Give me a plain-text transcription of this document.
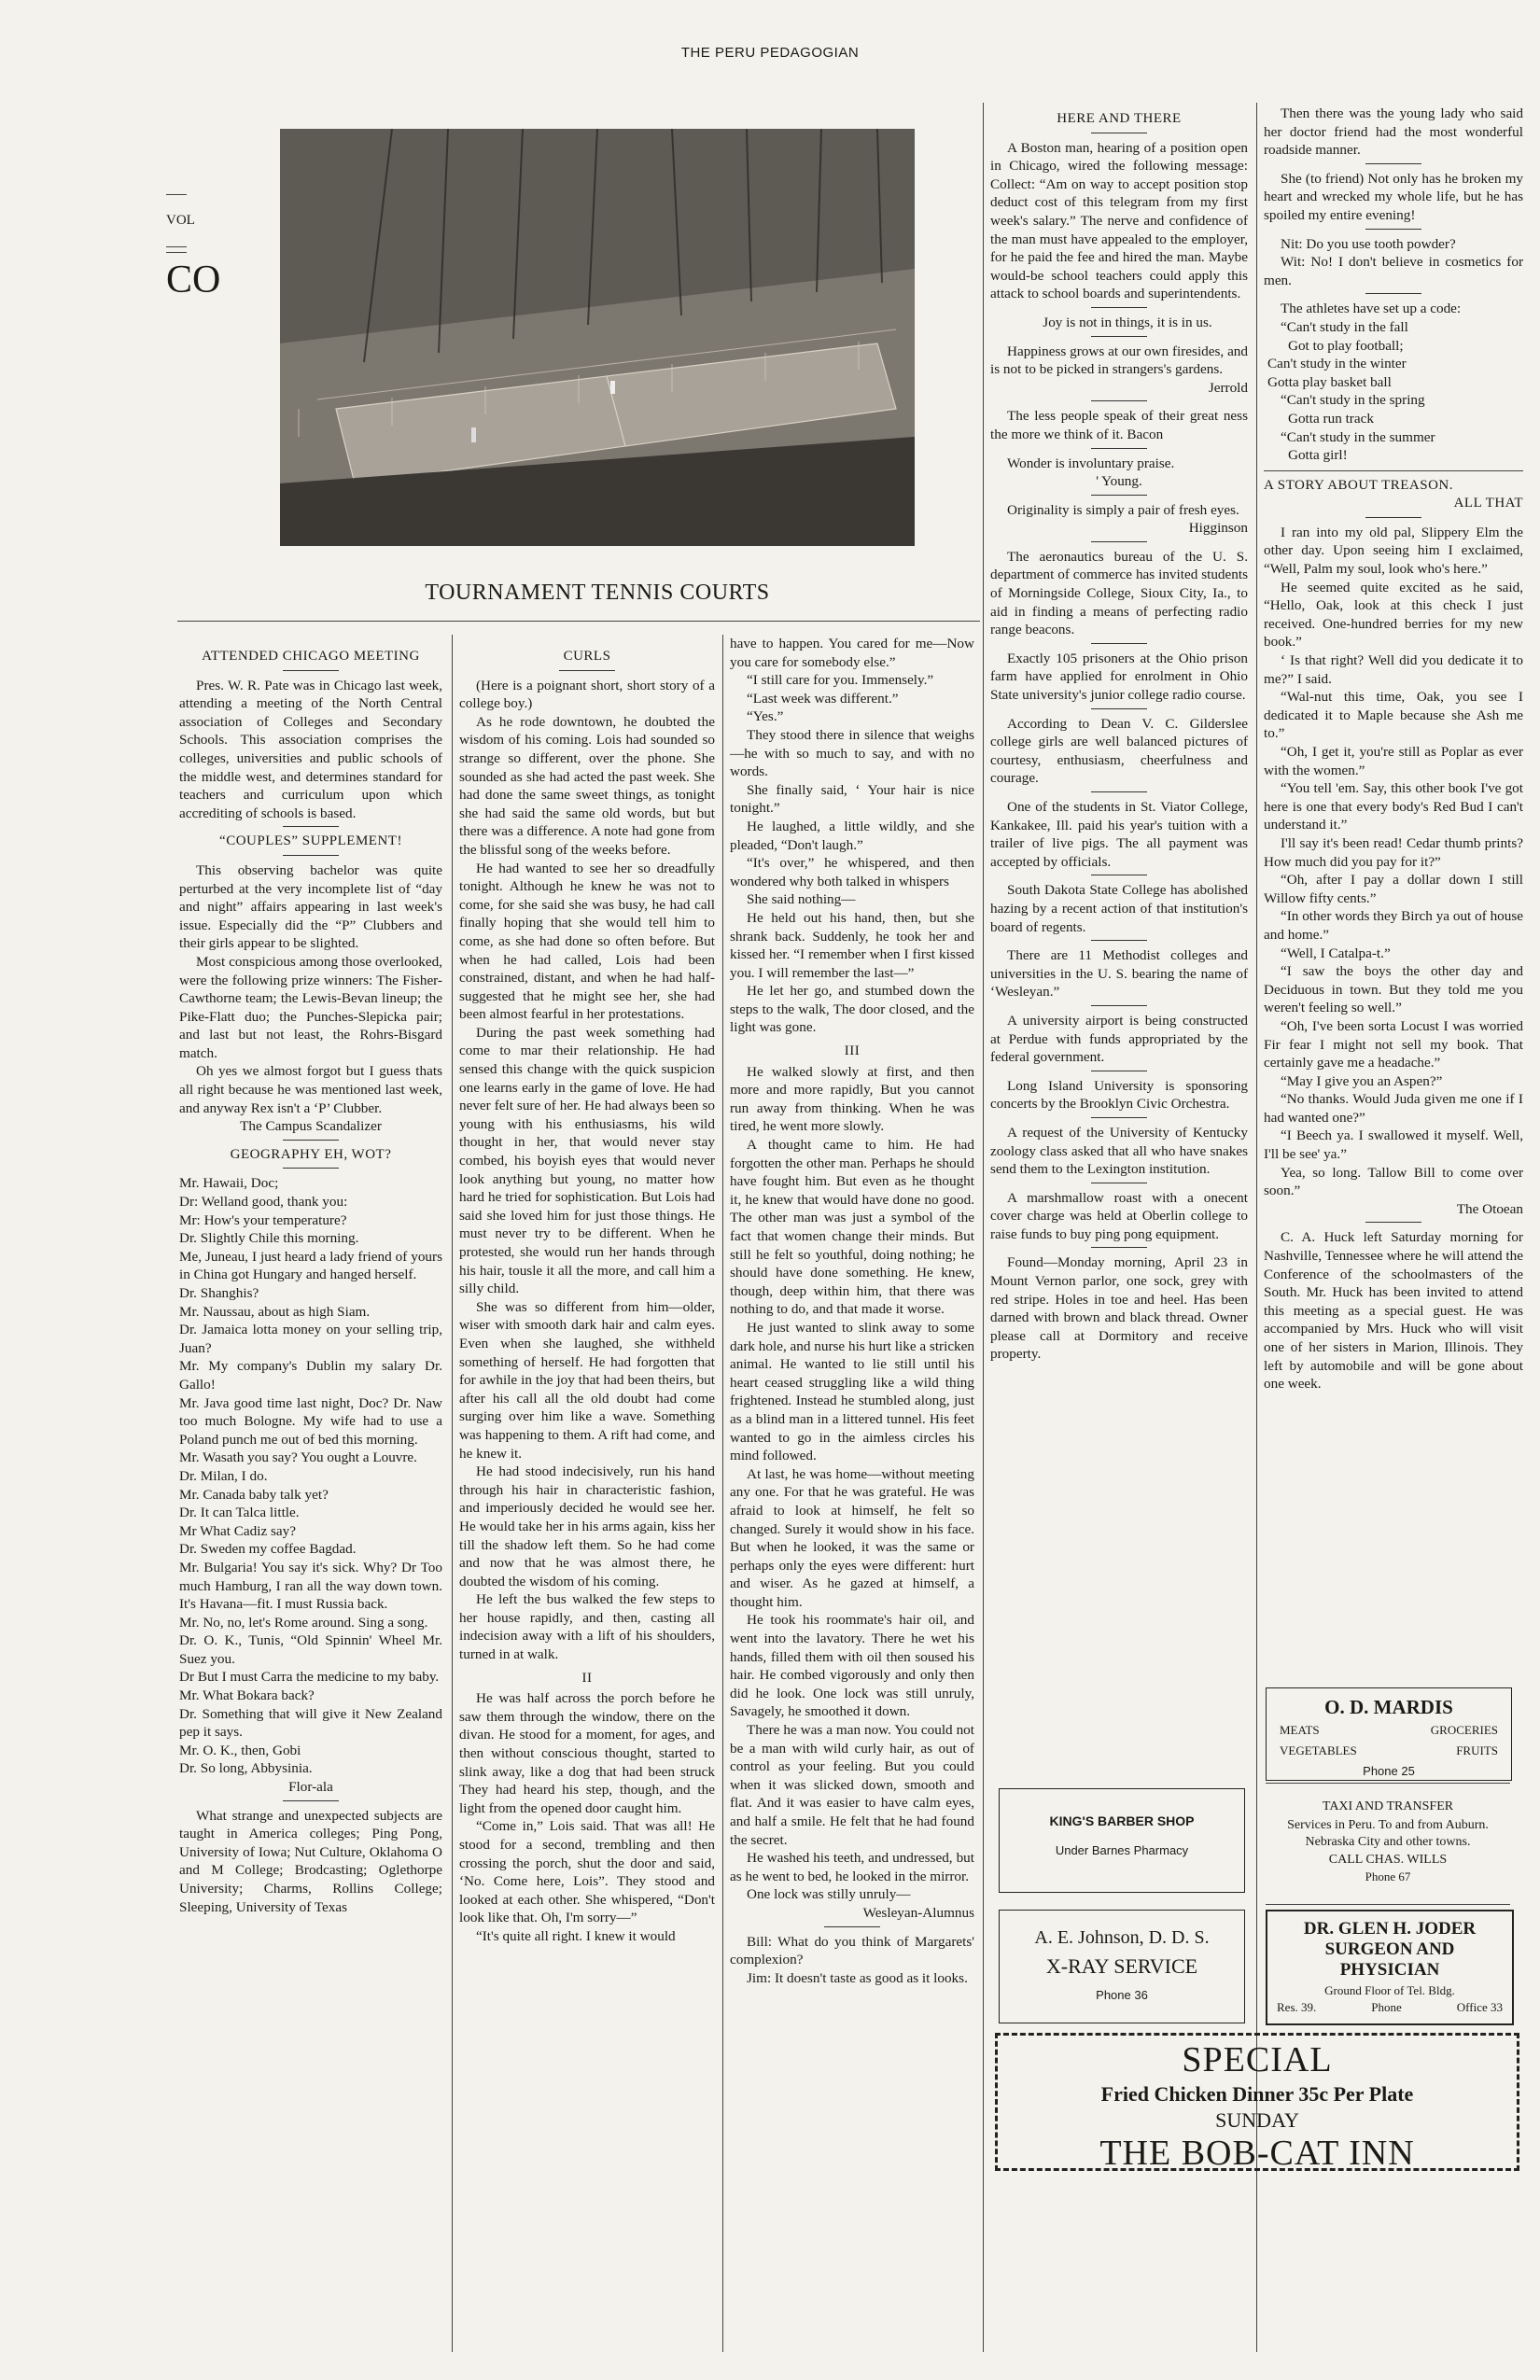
THE PERU PEDAGOGIAN
VOL
CO
TOURNAMENT TENNIS COURTS
ATTENDED CHICAGO MEETING

Pres. W. R. Pate was in Chicago last week, attending a meeting of the North Central association of Colleges and Secondary Schools. This association comprises the colleges, universities and public schools of the middle west, and determines standard for teachers and curriculum upon which accrediting of schools is based.

“COUPLES” SUPPLEMENT!

This observing bachelor was quite perturbed at the very incomplete list of “day and night” affairs appearing in last week's issue. Especially did the “P” Clubbers and their girls appear to be slighted.

Most conspicious among those overlooked, were the following prize winners: The Fisher-Cawthorne team; the Lewis-Bevan lineup; the Pike-Flatt duo; the Punches-Slepicka pair; and last but not least, the Rohrs-Bisgard match.

Oh yes we almost forgot but I guess thats all right because he was mentioned last week, and anyway Rex isn't a ‘P’ Clubber.

The Campus Scandalizer

GEOGRAPHY EH, WOT?

Mr. Hawaii, Doc;

Dr: Welland good, thank you:

Mr: How's your temperature?

Dr. Slightly Chile this morning.

Me, Juneau, I just heard a lady friend of yours in China got Hungary and hanged herself.

Dr. Shanghis?

Mr. Naussau, about as high Siam.

Dr. Jamaica lotta money on your selling trip, Juan?

Mr. My company's Dublin my salary Dr. Gallo!

Mr. Java good time last night, Doc? Dr. Naw too much Bologne. My wife had to use a Poland punch me out of bed this morning.

Mr. Wasath you say? You ought a Louvre.

Dr. Milan, I do.

Mr. Canada baby talk yet?

Dr. It can Talca little.

Mr What Cadiz say?

Dr. Sweden my coffee Bagdad.

Mr. Bulgaria! You say it's sick. Why? Dr Too much Hamburg, I ran all the way down town. It's Havana—fit. I must Russia back.

Mr. No, no, let's Rome around. Sing a song.

Dr. O. K., Tunis, “Old Spinnin' Wheel Mr. Suez you.

Dr But I must Carra the medicine to my baby.

Mr. What Bokara back?

Dr. Something that will give it New Zealand pep it says.

Mr. O. K., then, Gobi

Dr. So long, Abbysinia.

Flor-ala

What strange and unexpected subjects are taught in America colleges; Ping Pong, University of Iowa; Nut Culture, Oklahoma O and M College; Brodcasting; Oglethorpe University; Charms, Rollins College; Sleeping, University of Texas

CURLS

(Here is a poignant short, short story of a college boy.)

As he rode downtown, he doubted the wisdom of his coming. Lois had sounded so strange so different, over the phone. She sounded as she had acted the past week. She had done the same sweet things, as tonight she had said the same old words, but but there was a difference. A note had gone from the blissful song of the weeks before.

He had wanted to see her so dreadfully tonight. Although he knew he was not to come, for she said she was busy, he had call finally hoping that she would tell him to come, as she had done so often before. But when he had called, Lois had been constrained, distant, and when he had half-suggested that he might see her, she had been almost fearful in her protestations.

During the past week something had come to mar their relationship. He had sensed this change with the quick suspicion one learns early in the game of love. He had never felt sure of her. He had always been so young with his enthusiasms, his wild thought in her, that would never stay combed, his boyish eyes that would never look anything but young, no matter how hard he tried for sophistication. But Lois had said she loved him for just those things. He must never try to be different. When he protested, she would run her hands through his hair, tousle it all the more, and call him a silly child.

She was so different from him—older, wiser with smooth dark hair and calm eyes. Even when she laughed, she withheld something of herself. He had forgotten that for awhile in the joy that had been theirs, but after his call all the old doubt had come surging over him like a wave. Something was happening to them. A rift had come, and he knew it.

He had stood indecisively, run his hand through his hair in characteristic fashion, and imperiously decided he would see her. He would take her in his arms again, kiss her till the shadow left them. So he had come and now that he was almost there, he doubted the wisdom of his coming.

He left the bus walked the few steps to her house rapidly, and then, casting all indecision away with a lift of his shoulders, turned in at walk.

II

He was half across the porch before he saw them through the window, there on the divan. He stood for a moment, for ages, and then without conscious thought, started to slink away, like a dog that had been struck They had heard his step, though, and the light from the opened door caught him.

“Come in,” Lois said. That was all! He stood for a second, trembling and then crossing the porch, shut the door and said, ‘No. Come here, Lois”. They stood and looked at each other. She whispered, “Don't look like that. Oh, I'm sorry—”

“It's quite all right. I knew it would

have to happen. You cared for me—Now you care for somebody else.”

“I still care for you. Immensely.”

“Last week was different.”

“Yes.”

They stood there in silence that weighs—he with so much to say, and with no words.

She finally said, ‘ Your hair is nice tonight.”

He laughed, a little wildly, and she pleaded, “Don't laugh.”

“It's over,” he whispered, and then wondered why both talked in whispers

She said nothing—

He held out his hand, then, but she shrank back. Suddenly, he took her and kissed her. “I remember when I first kissed you. I will remember the last—”

He let her go, and stumbed down the steps to the walk, The door closed, and the light was gone.

III

He walked slowly at first, and then more and more rapidly, But you cannot run away from thinking. When he was tired, he went more slowly.

A thought came to him. He had forgotten the other man. Perhaps he should have fought him. But even as he thought it, he knew that would have done no good. The other man was just a symbol of the fact that women change their minds. But still he felt so youthful, doing nothing; he should have done something. He knew, though, deep within him, that there was nothing to do, and that made it worse.

He just wanted to slink away to some dark hole, and nurse his hurt like a stricken animal. He wanted to lie still until his heart ceased struggling like a wild thing frightened. Instead he stumbled along, just as a blind man in a littered tunnel. His feet wanted to go in the aimless circles his mind followed.

At last, he was home—without meeting any one. For that he was grateful. He was afraid to look at himself, he felt so changed. Surely it would show in his face. But when he looked, it was the same or perhaps only the eyes were different: hurt and wiser. As he gazed at himself, a thought him.

He took his roommate's hair oil, and went into the lavatory. There he wet his hands, filled them with oil then soused his hair. He combed vigorously and only then did he look. One lock was still unruly, Savagely, he smoothed it down.

There he was a man now. You could not be a man with wild curly hair, as out of control as your feeling. But you could when it was slicked down, smooth and flat. And it was easier to have calm eyes, and half a smile. He felt that he had found the secret.

He washed his teeth, and undressed, but as he went to bed, he looked in the mirror.

One lock was stilly unruly—

Wesleyan-Alumnus

Bill: What do you think of Margarets' complexion?

Jim: It doesn't taste as good as it looks.

HERE AND THERE

A Boston man, hearing of a position open in Chicago, wired the following message: Collect: “Am on way to accept position stop deduct cost of this telegram from my first week's salary.” The nerve and confidence of the man must have appealed to the employer, for he paid the fee and hired the man. Maybe would-be school teachers could apply this attack to school boards and superintendents.

Joy is not in things, it is in us.

Happiness grows at our own firesides, and is not to be picked in strangers's gardens.

Jerrold

The less people speak of their great ness the more we think of it. Bacon

Wonder is involuntary praise.

' Young.

Originality is simply a pair of fresh eyes.

Higginson

The aeronautics bureau of the U. S. department of commerce has invited students of Morningside College, Sioux City, Ia., to aid in finding a means of perfecting radio range beacons.

Exactly 105 prisoners at the Ohio prison farm have applied for enrolment in Ohio State university's junior college radio course.

According to Dean V. C. Gilderslee college girls are well balanced pictures of courtesy, enthusiasm, cheerfulness and courage.

One of the students in St. Viator College, Kankakee, Ill. paid his year's tuition with a trailer of live pigs. The all payment was accepted by officials.

South Dakota State College has abolished hazing by a recent action of that institution's board of regents.

There are 11 Methodist colleges and universities in the U. S. bearing the name of ‘Wesleyan.”

A university airport is being constructed at Perdue with funds appropriated by the federal government.

Long Island University is sponsoring concerts by the Brooklyn Civic Orchestra.

A request of the University of Kentucky zoology class asked that all who have snakes send them to the Lexington institution.

A marshmallow roast with a onecent cover charge was held at Oberlin college to raise funds to buy ping pong equipment.

Found—Monday morning, April 23 in Mount Vernon parlor, one sock, grey with red stripe. Holes in toe and heel. Has been darned with brown and black thread. Owner please call at Dormitory and receive property.

Then there was the young lady who said her doctor friend had the most wonderful roadside manner.

She (to friend) Not only has he broken my heart and wrecked my whole life, but he has spoiled my entire evening!

Nit: Do you use tooth powder?

Wit: No! I don't believe in cosmetics for men.

The athletes have set up a code:

“Can't study in the fall

Got to play football;

Can't study in the winter

Gotta play basket ball

“Can't study in the spring

Gotta run track

“Can't study in the summer

Gotta girl!

A STORY ABOUT TREASON.
ALL THAT

I ran into my old pal, Slippery Elm the other day. Upon seeing him I exclaimed, “Well, Palm my soul, look who's here.”

He seemed quite excited as he said, “Hello, Oak, look at this check I just received. One-hundred berries for my new book.”

‘ Is that right? Well did you dedicate it to me?” I said.

“Wal-nut this time, Oak, you see I dedicated it to Maple because she Ash me to.”

“Oh, I get it, you're still as Poplar as ever with the women.”

“You tell 'em. Say, this other book I've got here is one that every body's Red Bud I can't understand it.”

I'll say it's been read! Cedar thumb prints? How much did you pay for it?”

“Oh, after I pay a dollar down I still Willow fifty cents.”

“In other words they Birch ya out of house and home.”

“Well, I Catalpa-t.”

“I saw the boys the other day and Deciduous in town. But they told me you weren't feeling so well.”

“Oh, I've been sorta Locust I was worried Fir fear I might not sell my book. That certainly gave me a headache.”

“May I give you an Aspen?”

“No thanks. Would Juda given me one if I had wanted one?”

“I Beech ya. I swallowed it myself. Well, I'll be see' ya.”

Yea, so long. Tallow Bill to come over soon.”

The Otoean

C. A. Huck left Saturday morning for Nashville, Tennessee where he will attend the Conference of the schoolmasters of the South. Mr. Huck has been invited to attend this meeting as a special guest. He was accompanied by Mrs. Huck who will visit one of her sisters in Marion, Illinois. They left by automobile and will be gone about one week.

O. D. MARDIS
MEATS	GROCERIES
VEGETABLES	FRUITS
Phone 25
KING'S BARBER SHOP
Under Barnes Pharmacy
TAXI AND TRANSFER
Services in Peru. To and from Auburn. Nebraska City and other towns.
CALL CHAS. WILLS
Phone 67
A. E. Johnson, D. D. S.
X-RAY SERVICE
Phone 36
DR. GLEN H. JODER
SURGEON AND
PHYSICIAN
Ground Floor of Tel. Bldg.
Res. 39.	Phone	Office 33
SPECIAL
Fried Chicken Dinner 35c Per Plate
SUNDAY
THE BOB-CAT INN
